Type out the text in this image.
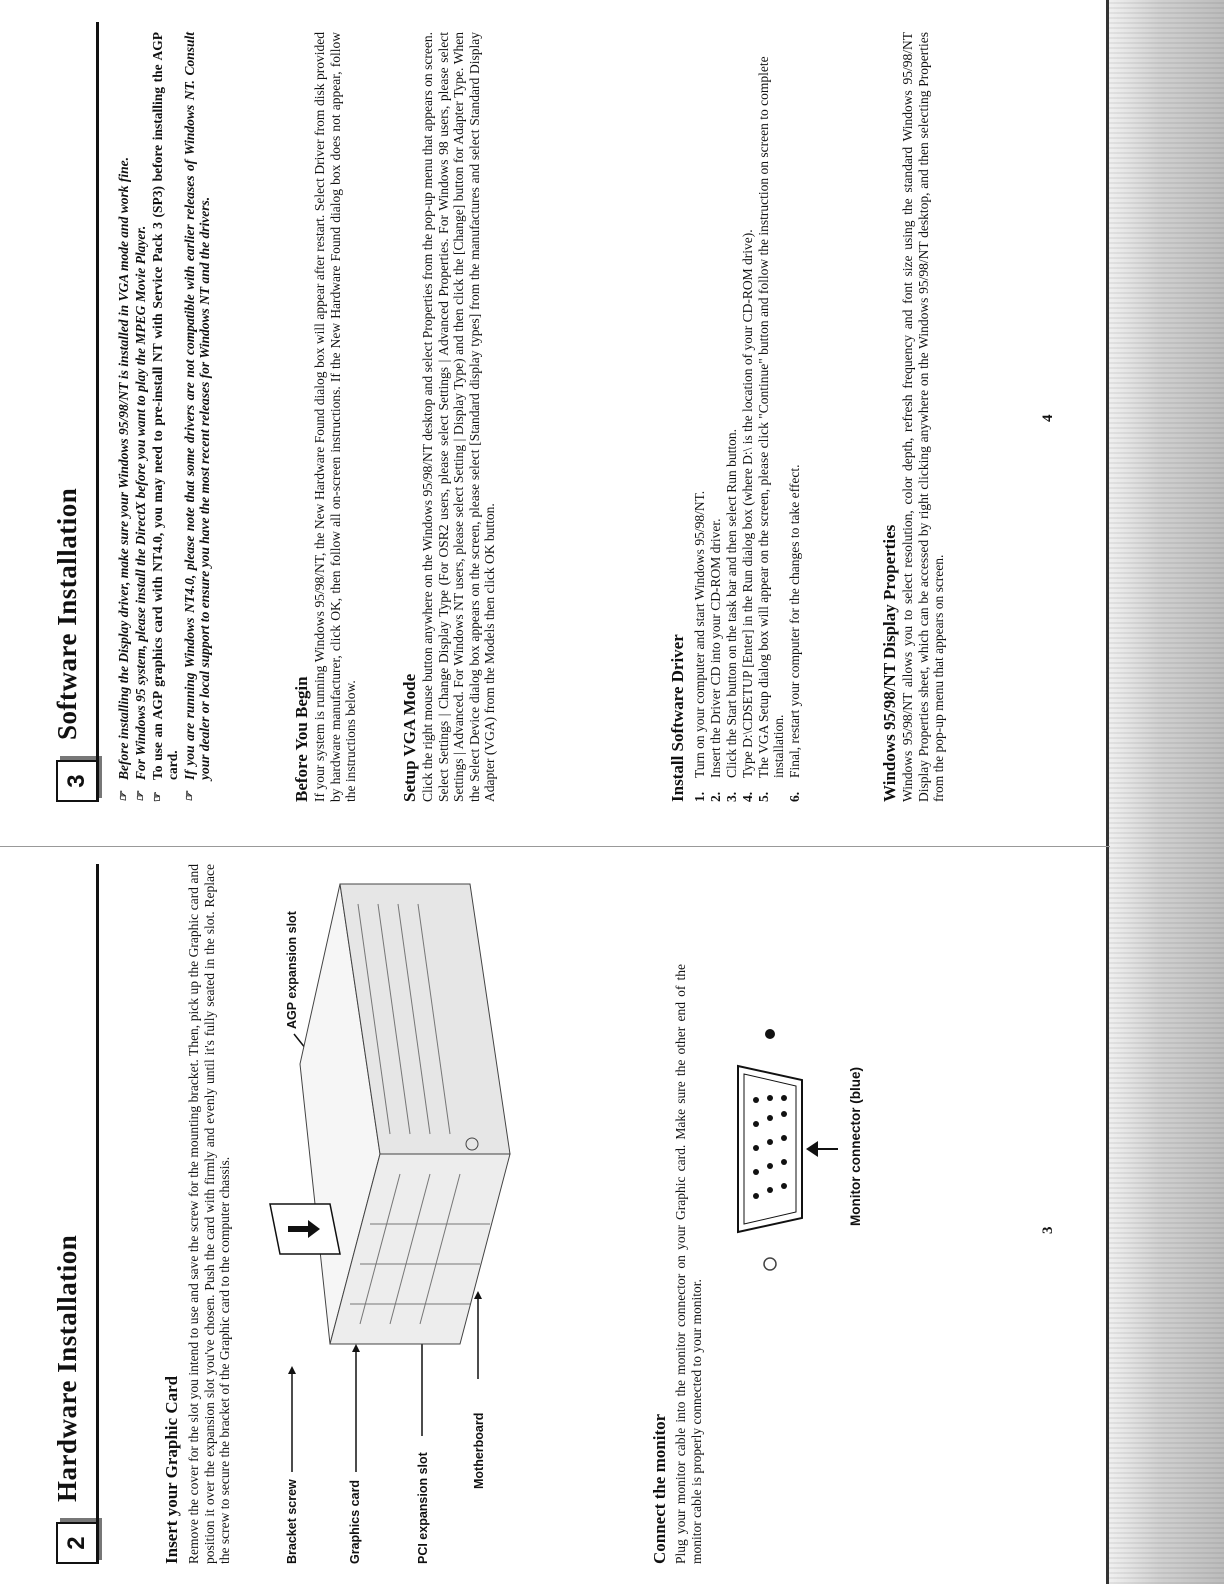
2
Hardware Installation	Insert your Graphic Card Remove the cover for the slot you intend to use and save the screw for the mounting bracket. Then, pick up the Graphic card and position it over the expansion slot you've chosen. Push the card with firmly and evenly until it's fully seated in the slot. Replace the screw to secure the bracket of the Graphic card to the computer chassis.	Bracket screw	Graphics card	PCI expansion slot
Motherboard
AGP expansion slot
Connect the monitor Plug your monitor cable into the monitor connector on your Graphic card. Make sure the other end of the monitor cable is properly connected to your monitor.

Monitor connector (blue)
3
3
Software Installation
☞
Before installing the Display driver, make sure your Windows 95/98/NT is installed in VGA mode and work fine.
☞
For Windows 95 system, please install the DirectX before you want to play the MPEG Movie Player.
☞
To use an AGP graphics card with NT4.0, you may need to pre-install NT with Service Pack 3 (SP3) before installing the AGP card.
☞
If you are running Windows NT4.0, please note that some drivers are not compatible with earlier releases of Windows NT. Consult your dealer or local support to ensure you have the most recent releases for Windows NT and the drivers.	Before You Begin If your system is running Windows 95/98/NT, the New Hardware Found dialog box will appear after restart. Select Driver from disk provided by hardware manufacturer, click OK, then follow all on-screen instructions. If the New Hardware Found dialog box does not appear, follow the instructions below. Setup VGA Mode Click the right mouse button anywhere on the Windows 95/98/NT desktop and select Properties from the pop-up menu that appears on screen. Select Settings | Change Display Type (For OSR2 users, please select Settings | Advanced Properties. For Windows 98 users, please select Settings | Advanced. For Windows NT users, please select Setting | Display Type) and then click the [Change] button for Adapter Type. When the Select Device dialog box appears on the screen, please select [Standard display types] from the manufactures and select Standard Display Adapter (VGA) from the Models then click OK button.	Install Software Driver 1.
Turn on your computer and start Windows 95/98/NT.
2.
Insert the Driver CD into your CD-ROM driver.
3.
Click the Start button on the task bar and then select Run button.
4.
Type D:\CDSETUP [Enter] in the Run dialog box (where D:\ is the location of your CD-ROM drive).
5.
The VGA Setup dialog box will appear on the screen, please click "Continue" button and follow the instruction on screen to complete installation.
6.
Final, restart your computer for the changes to take effect.	Windows 95/98/NT Display Properties Windows 95/98/NT allows you to select resolution, color depth, refresh frequency and font size using the standard Windows 95/98/NT Display Properties sheet, which can be accessed by right clicking anywhere on the Windows 95/98/NT desktop, and then selecting Properties from the pop-up menu that appears on screen.

4
